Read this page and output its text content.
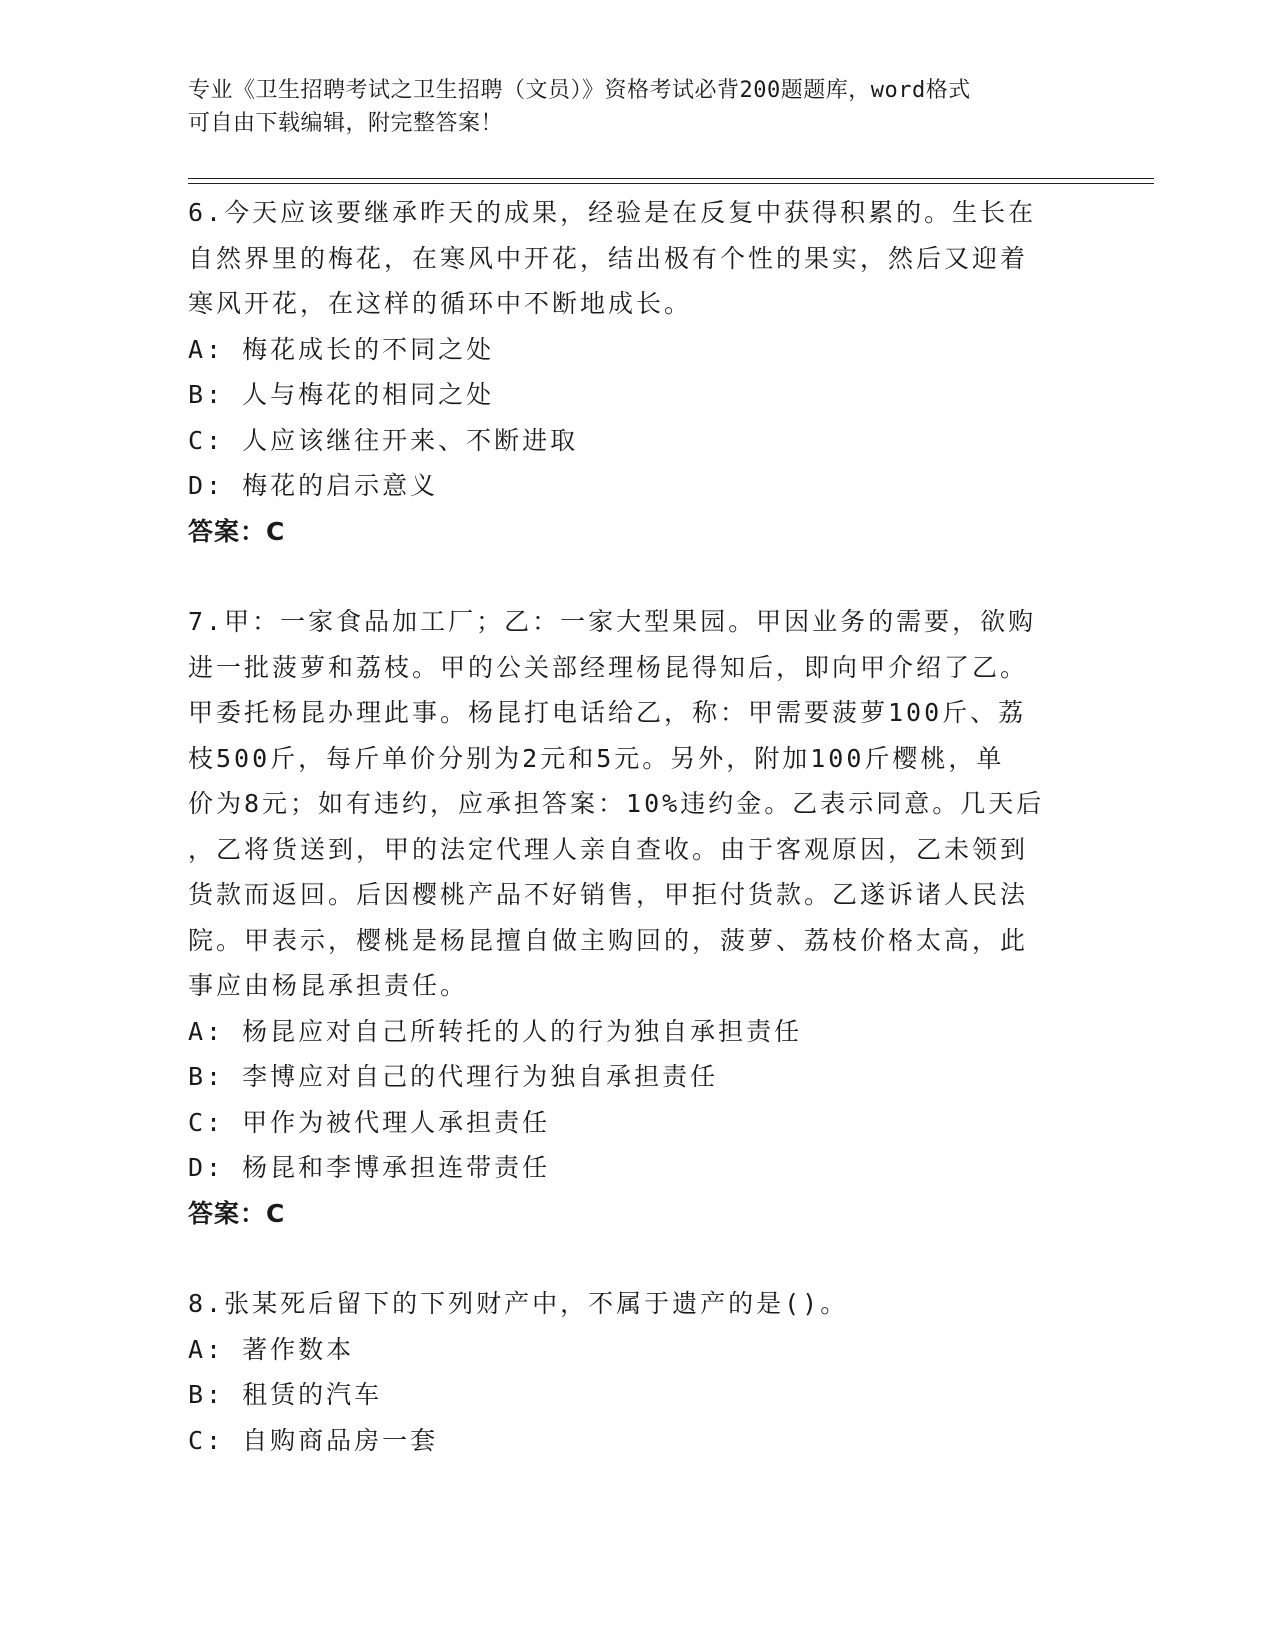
专业《卫生招聘考试之卫生招聘（文员）》资格考试必背200题题库，word格式
可自由下载编辑，附完整答案！
6.今天应该要继承昨天的成果，经验是在反复中获得积累的。生长在
自然界里的梅花，在寒风中开花，结出极有个性的果实，然后又迎着
寒风开花，在这样的循环中不断地成长。
A: 梅花成长的不同之处
B: 人与梅花的相同之处
C: 人应该继往开来、不断进取
D: 梅花的启示意义
答案：C
7.甲：一家食品加工厂；乙：一家大型果园。甲因业务的需要，欲购
进一批菠萝和荔枝。甲的公关部经理杨昆得知后，即向甲介绍了乙。
甲委托杨昆办理此事。杨昆打电话给乙，称：甲需要菠萝100斤、荔
枝500斤，每斤单价分别为2元和5元。另外，附加100斤樱桃，单
价为8元；如有违约，应承担答案：10%违约金。乙表示同意。几天后
，乙将货送到，甲的法定代理人亲自查收。由于客观原因，乙未领到
货款而返回。后因樱桃产品不好销售，甲拒付货款。乙遂诉诸人民法
院。甲表示，樱桃是杨昆擅自做主购回的，菠萝、荔枝价格太高，此
事应由杨昆承担责任。
A: 杨昆应对自己所转托的人的行为独自承担责任
B: 李博应对自己的代理行为独自承担责任
C: 甲作为被代理人承担责任
D: 杨昆和李博承担连带责任
答案：C
8.张某死后留下的下列财产中，不属于遗产的是()。
A: 著作数本
B: 租赁的汽车
C: 自购商品房一套
